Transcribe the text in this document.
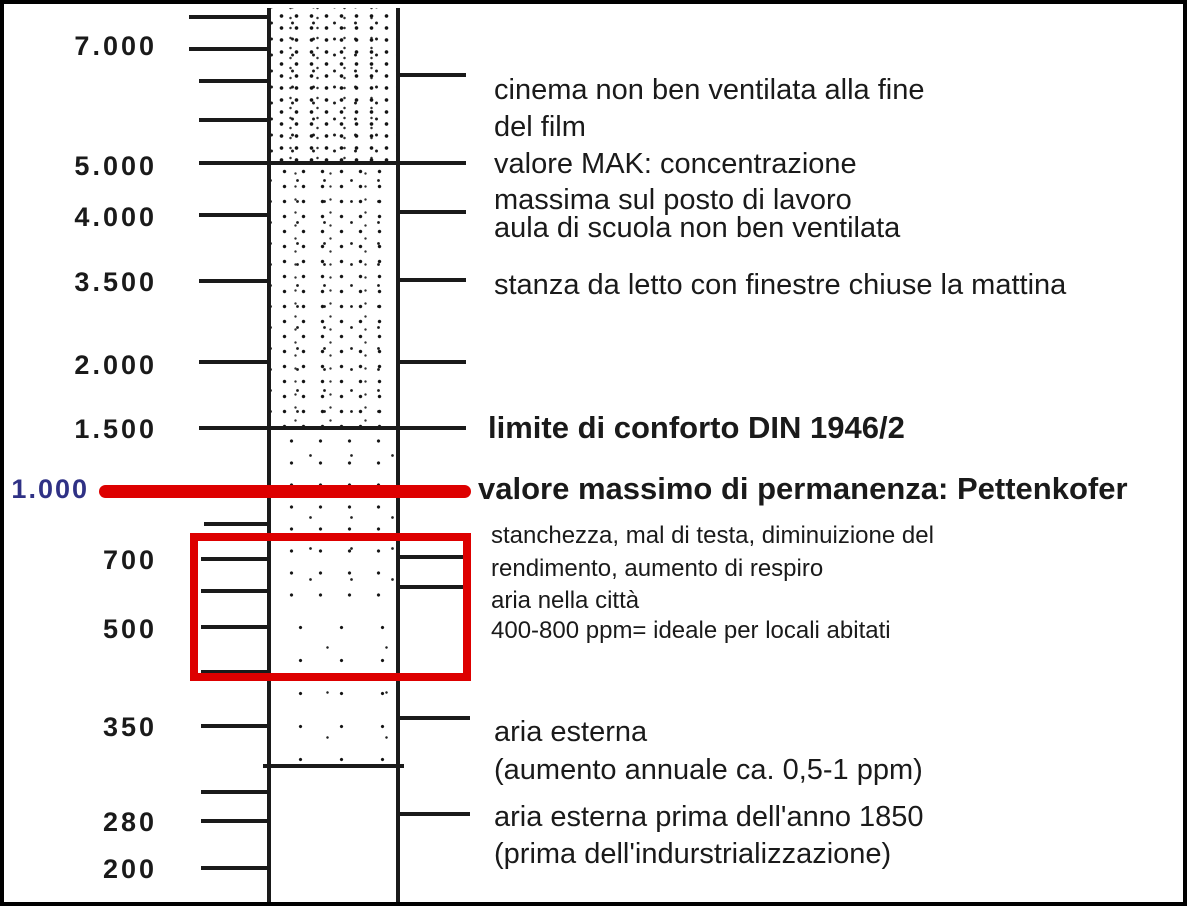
7.000
5.000
4.000
3.500
2.000
1.500
1.000
700
500
350
280
200
cinema non ben ventilata alla fine
del film
valore MAK: concentrazione
massima sul posto di lavoro
aula di scuola non ben ventilata
stanza da letto con finestre chiuse la mattina
limite di conforto DIN 1946/2
valore massimo di permanenza: Pettenkofer
stanchezza, mal di testa, diminuizione del
rendimento, aumento di respiro
aria nella città
400-800 ppm= ideale per locali abitati
aria esterna
(aumento annuale ca. 0,5-1 ppm)
aria esterna prima dell'anno 1850
(prima dell'indurstrializzazione)
